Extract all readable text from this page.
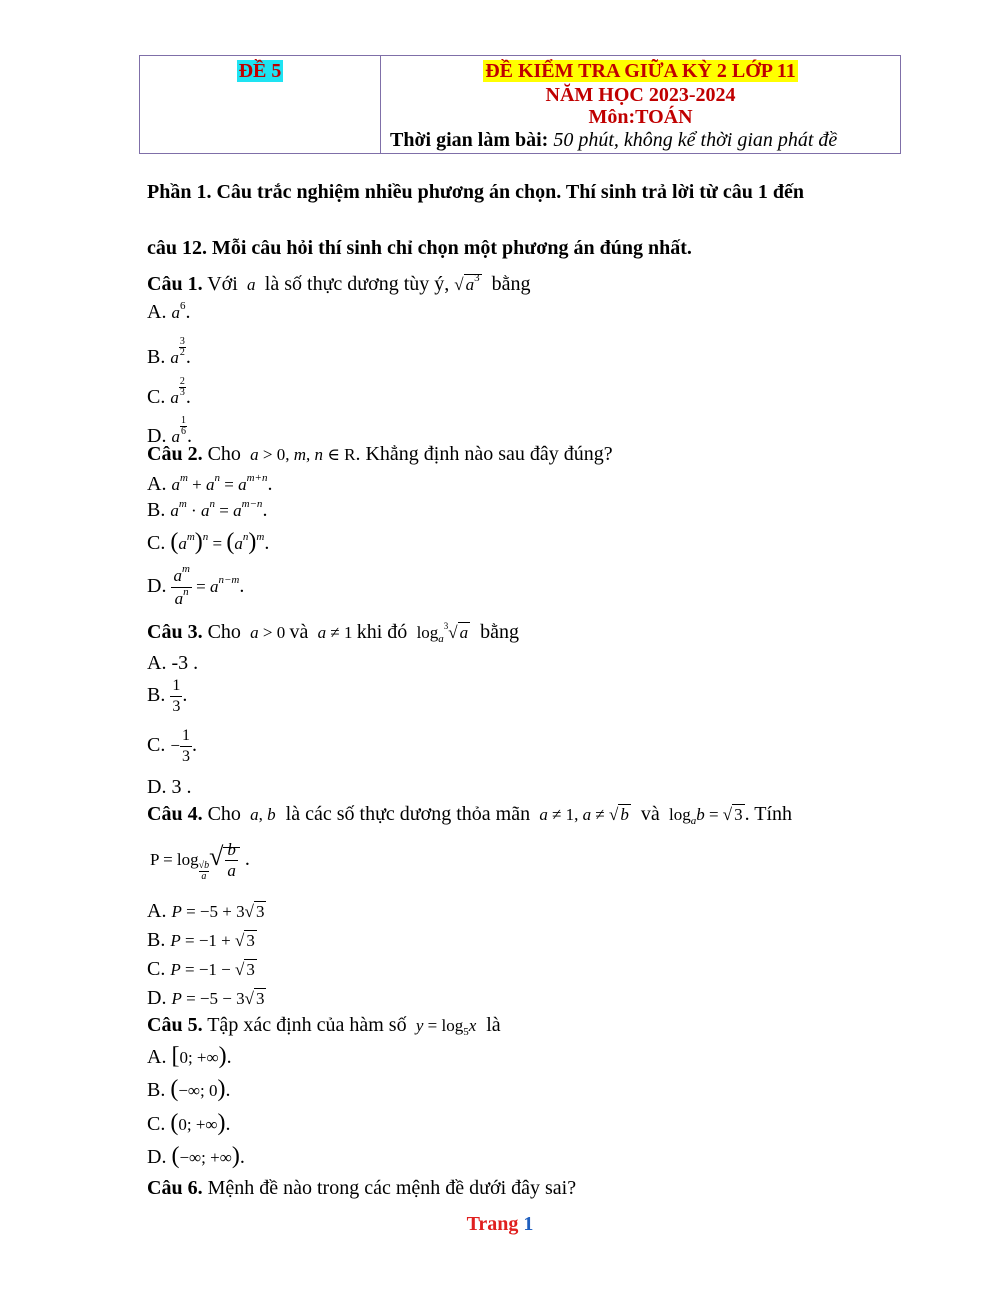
ĐỀ 5	ĐỀ KIỂM TRA GIỮA KỲ 2 LỚP 11
NĂM HỌC 2023-2024
Môn:TOÁN
Thời gian làm bài: 50 phút, không kể thời gian phát đề
Phần 1. Câu trắc nghiệm nhiều phương án chọn. Thí sinh trả lời từ câu 1 đến
câu 12. Mỗi câu hỏi thí sinh chỉ chọn một phương án đúng nhất.
Câu 1. Với  a  là số thực dương tùy ý, √ $a^3$ bằng
A. $a^6$.
B. a $\frac{3}{2}$ .
C. a $\frac{2}{3}$ .
D. a $\frac{1}{6}$ .
Câu 2. Cho  a > 0, m, n ∈ R. Khẳng định nào sau đây đúng?
A. $a^m + a^n = a^{m+n}$.
B. $a^m \cdot a^n = a^{m-n}$.
C. $(a^m)^n = (a^n)^m$.
D. $\frac{a^m}{a^n} = a^{n-m}$.
Câu 3. Cho  a > 0 và  a ≠ 1 khi đó  $\log_a^3√$ a bằng
A. -3 .
B. $\frac{1}{3}$ .
C. − $\frac{1}{3}$ .
D. 3 .
Câu 4. Cho  a, b là các số thực dương thỏa mãn  a ≠ 1, a ≠ √ b và  $\log_ab$ = √ 3 . Tính
P = log
$\frac{√b}{a}$
√ $\frac{b}{a}$ .
A. P = −5 + 3√ 3
B. P = −1 + √ 3
C. P = −1 − √ 3
D. P = −5 − 3√ 3
Câu 5. Tập xác định của hàm số  $y = \log_5x$ là
A. [0; +∞).
B. (−∞; 0).
C. (0; +∞).
D. (−∞; +∞).
Câu 6. Mệnh đề nào trong các mệnh đề dưới đây sai?
Trang 1
